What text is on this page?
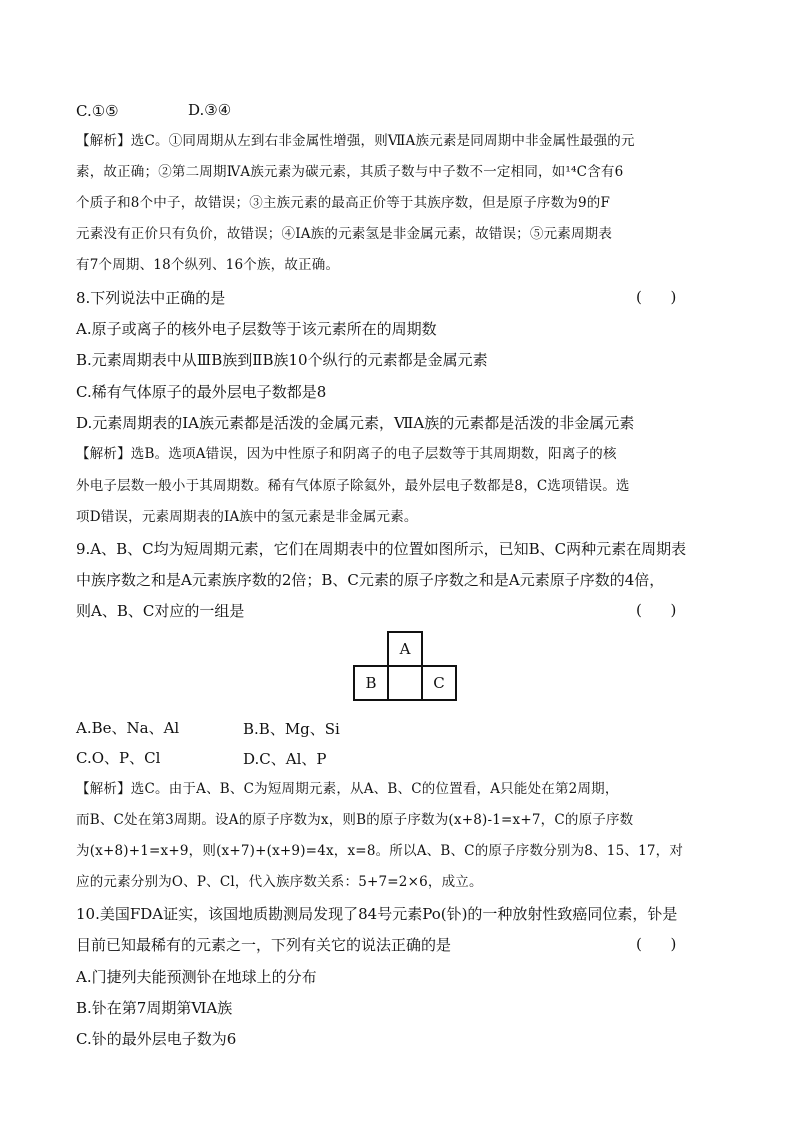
C.①⑤
【解析】选C。①同周期从左到右非金属性增强，则ⅦA族元素是同周期中非金属性最强的元
素，故正确；②第二周期ⅣA族元素为碳元素，其质子数与中子数不一定相同，如¹⁴C含有6
个质子和8个中子，故错误；③主族元素的最高正价等于其族序数，但是原子序数为9的F
元素没有正价只有负价，故错误；④ⅠA族的元素氢是非金属元素，故错误；⑤元素周期表
有7个周期、18个纵列、16个族，故正确。
8.下列说法中正确的是
A.原子或离子的核外电子层数等于该元素所在的周期数
B.元素周期表中从ⅢB族到ⅡB族10个纵行的元素都是金属元素
C.稀有气体原子的最外层电子数都是8
D.元素周期表的ⅠA族元素都是活泼的金属元素，ⅦA族的元素都是活泼的非金属元素
【解析】选B。选项A错误，因为中性原子和阴离子的电子层数等于其周期数，阳离子的核
外电子层数一般小于其周期数。稀有气体原子除氦外，最外层电子数都是8，C选项错误。选
项D错误，元素周期表的ⅠA族中的氢元素是非金属元素。
9.A、B、C均为短周期元素，它们在周期表中的位置如图所示，已知B、C两种元素在周期表
中族序数之和是A元素族序数的2倍；B、C元素的原子序数之和是A元素原子序数的4倍，
则A、B、C对应的一组是
A.Be、Na、Al
C.O、P、Cl
【解析】选C。由于A、B、C为短周期元素，从A、B、C的位置看，A只能处在第2周期，
而B、C处在第3周期。设A的原子序数为x，则B的原子序数为(x+8)-1=x+7，C的原子序数
为(x+8)+1=x+9，则(x+7)+(x+9)=4x，x=8。所以A、B、C的原子序数分别为8、15、17，对
应的元素分别为O、P、Cl，代入族序数关系：5+7=2×6，成立。
10.美国FDA证实，该国地质勘测局发现了84号元素Po(钋)的一种放射性致癌同位素，钋是
目前已知最稀有的元素之一，下列有关它的说法正确的是
A.门捷列夫能预测钋在地球上的分布
B.钋在第7周期第ⅥA族
C.钋的最外层电子数为6
D.③④
B.B、Mg、Si
D.C、Al、P
(      )
(      )
(      )
A
B	C
